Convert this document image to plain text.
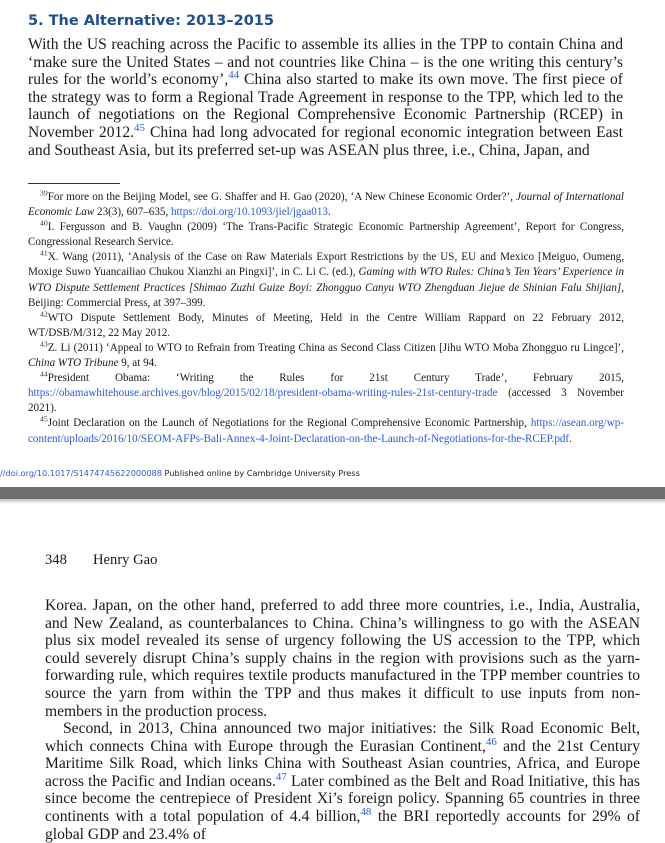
5. The Alternative: 2013–2015

With the US reaching across the Pacific to assemble its allies in the TPP to contain China and ‘make sure the United States – and not countries like China – is the one writing this century’s rules for the world’s economy’,$^{44}$ China also started to make its own move. The first piece of the strategy was to form a Regional Trade Agreement in response to the TPP, which led to the launch of negotiations on the Regional Comprehensive Economic Partnership (RCEP) in November 2012.45 China had long advocated for regional economic integration between East and Southeast Asia, but its preferred set-up was ASEAN plus three, i.e., China, Japan, and

$^{39}$For more on the Beijing Model, see G. Shaffer and H. Gao (2020), ‘A New Chinese Economic Order?’, Journal of International Economic Law 23(3), 607–635, https://doi.org/10.1093/jiel/jgaa013.

$^{40}$I. Fergusson and B. Vaughn (2009) ‘The Trans-Pacific Strategic Economic Partnership Agreement’, Report for Congress, Congressional Research Service.

$^{41}$X. Wang (2011), ‘Analysis of the Case on Raw Materials Export Restrictions by the US, EU and Mexico [Meiguo, Oumeng, Moxige Suwo Yuancailiao Chukou Xianzhi an Pingxi]’, in C. Li C. (ed.), Gaming with WTO Rules: China’s Ten Years’ Experience in WTO Dispute Settlement Practices [Shimao Zuzhi Guize Boyi: Zhongguo Canyu WTO Zhengduan Jiejue de Shinian Falu Shijian], Beijing: Commercial Press, at 397–399.

$^{42}$WTO Dispute Settlement Body, Minutes of Meeting, Held in the Centre William Rappard on 22 February 2012, WT/DSB/M/312, 22 May 2012.

$^{43}$Z. Li (2011) ‘Appeal to WTO to Refrain from Treating China as Second Class Citizen [Jihu WTO Moba Zhongguo ru Lingce]’, China WTO Tribune 9, at 94.

$^{44}$President Obama: ‘Writing the Rules for 21st Century Trade’, February 2015, https://obamawhitehouse.archives.gov/blog/2015/02/18/president-obama-writing-rules-21st-century-trade (accessed 3 November 2021).

$^{45}$Joint Declaration on the Launch of Negotiations for the Regional Comprehensive Economic Partnership, https://asean.org/wp-content/uploads/2016/10/SEOM-AFPs-Bali-Annex-4-Joint-Declaration-on-the-Launch-of-Negotiations-for-the-RCEP.pdf.

//doi.org/10.1017/S1474745622000088 Published online by Cambridge University Press
348 Henry Gao

Korea. Japan, on the other hand, preferred to add three more countries, i.e., India, Australia, and New Zealand, as counterbalances to China. China’s willingness to go with the ASEAN plus six model revealed its sense of urgency following the US accession to the TPP, which could severely disrupt China’s supply chains in the region with provisions such as the yarn-forwarding rule, which requires textile products manufactured in the TPP member countries to source the yarn from within the TPP and thus makes it difficult to use inputs from non-members in the production process.

Second, in 2013, China announced two major initiatives: the Silk Road Economic Belt, which connects China with Europe through the Eurasian Continent,$^{46}$ and the 21st Century Maritime Silk Road, which links China with Southeast Asian countries, Africa, and Europe across the Pacific and Indian oceans.$^{47}$ Later combined as the Belt and Road Initiative, this has since become the centrepiece of President Xi’s foreign policy. Spanning 65 countries in three continents with a total population of 4.4 billion,$^{48}$ the BRI reportedly accounts for 29% of global GDP and 23.4% of
